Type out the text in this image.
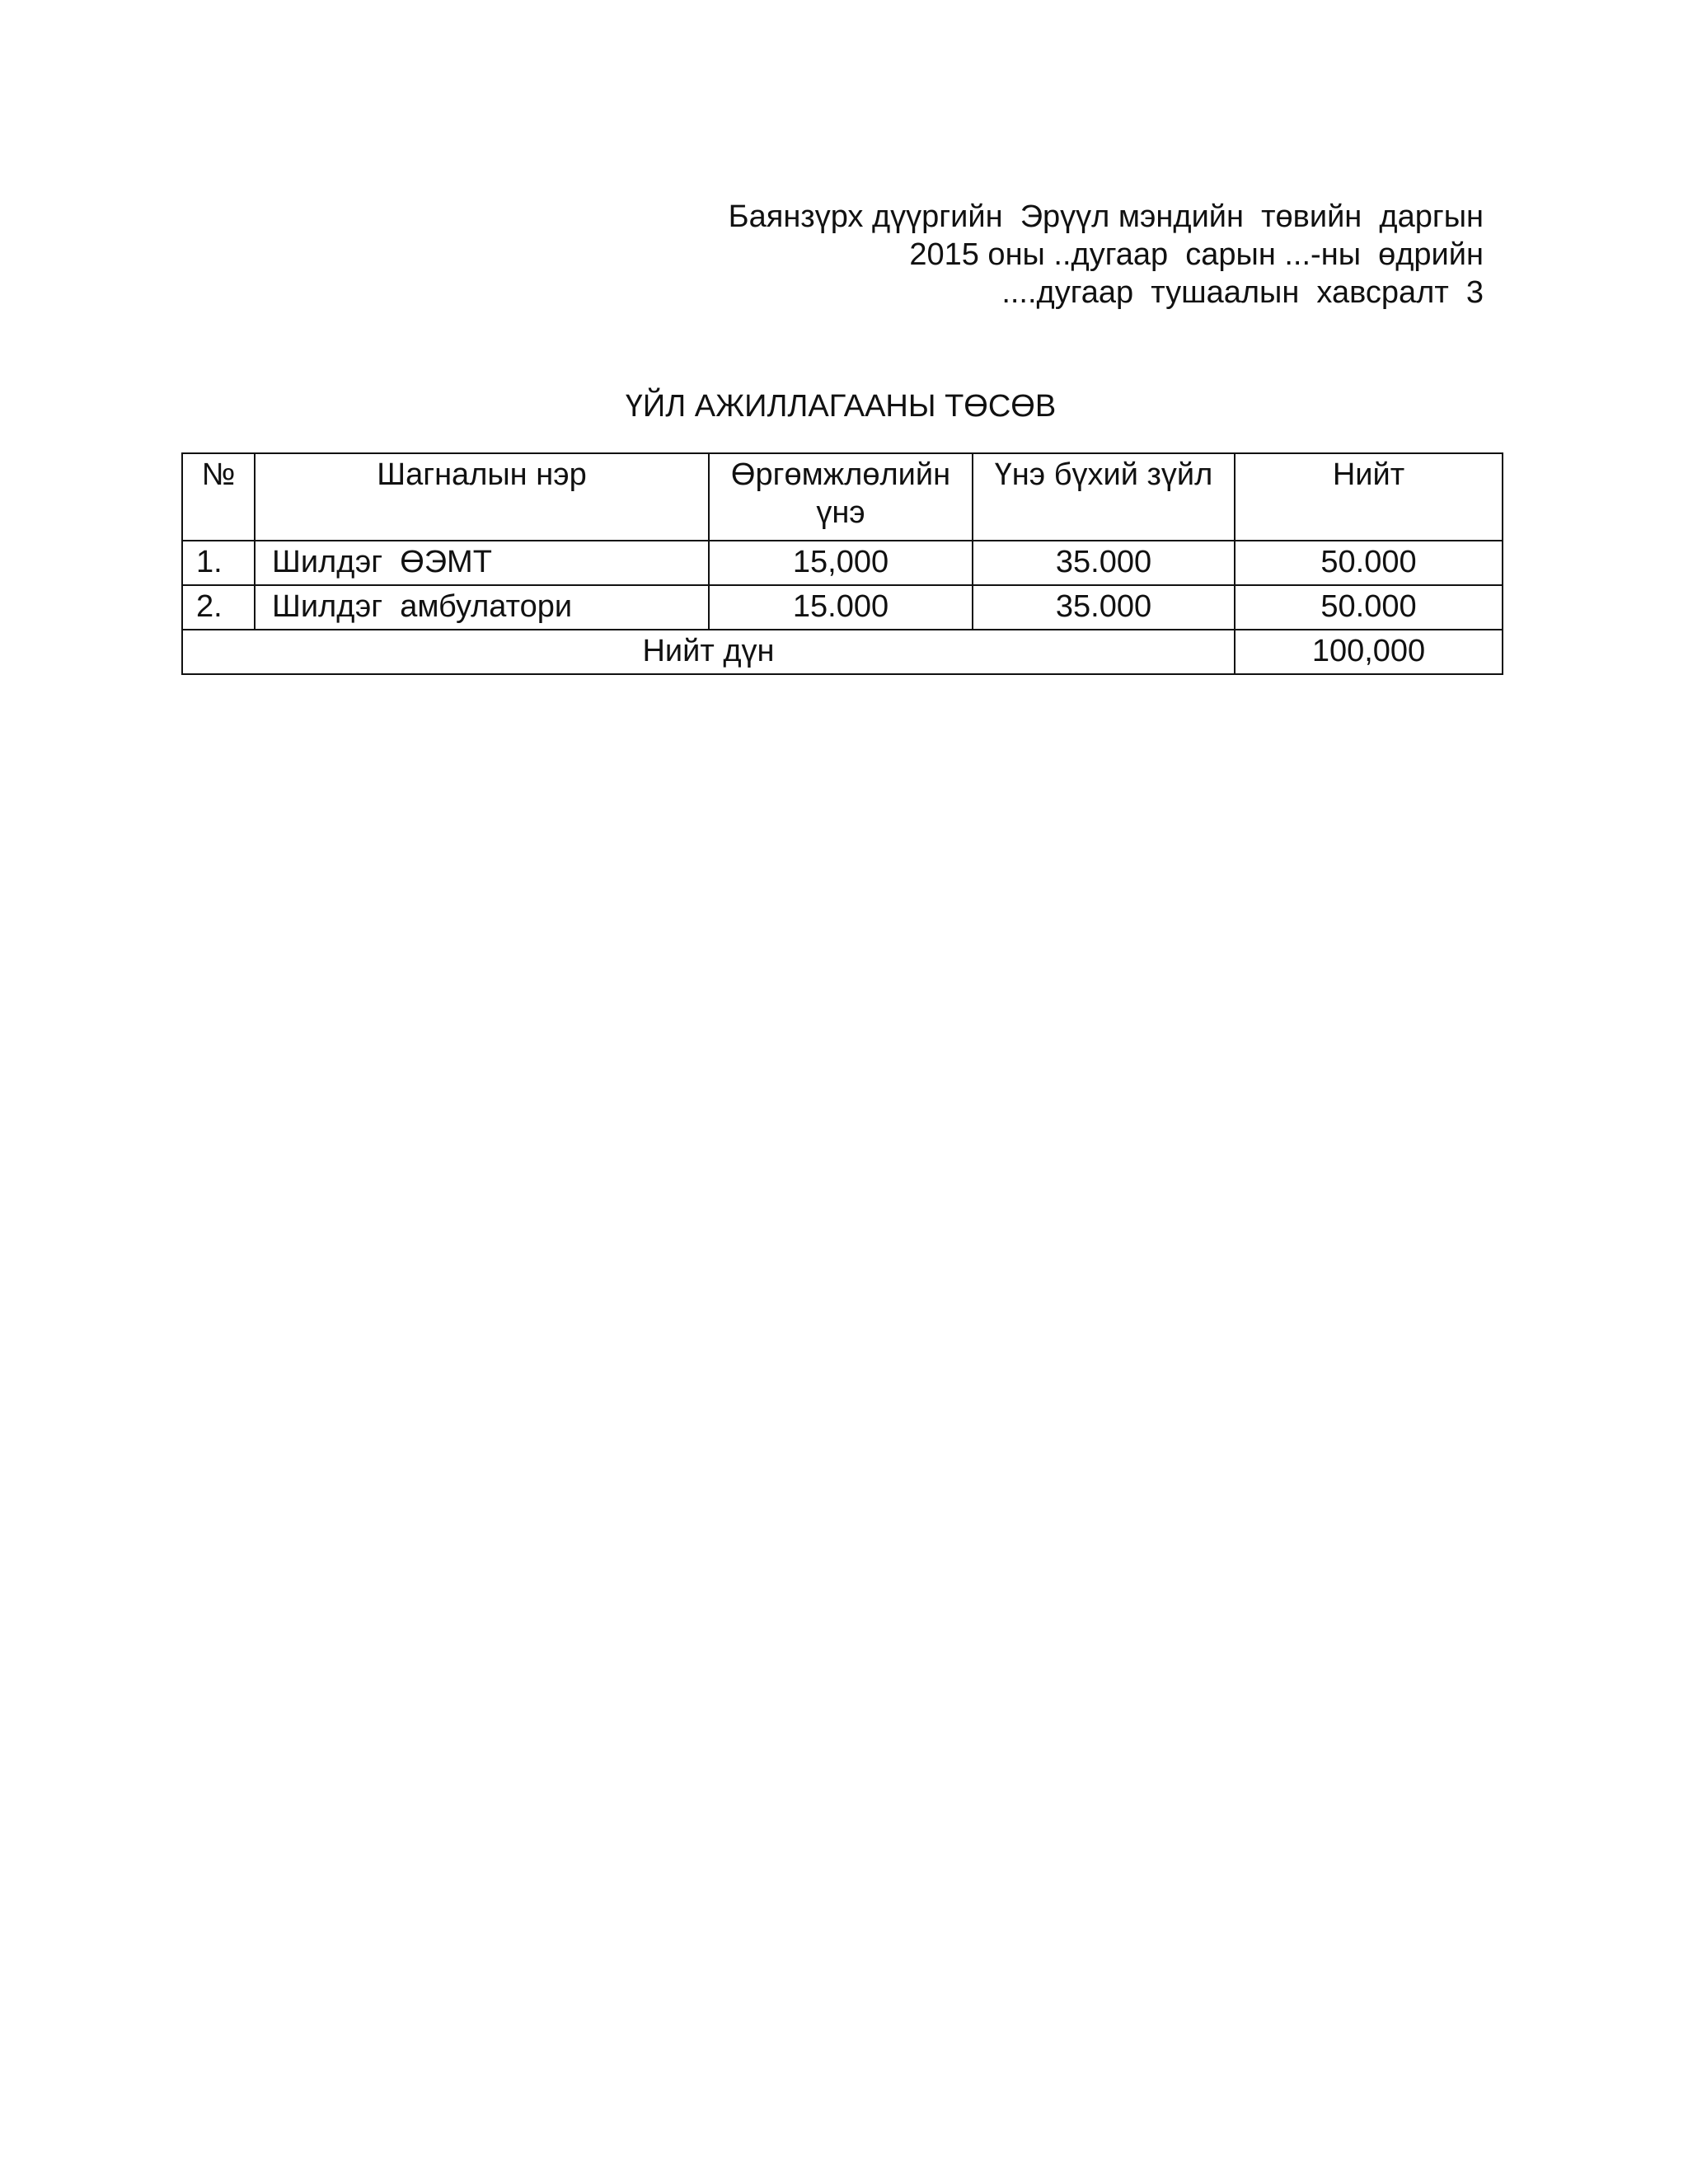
Баянзүрх дүүргийн  Эрүүл мэндийн  төвийн  даргын
2015 оны ..дугаар  сарын ...-ны  өдрийн
....дугаар  тушаалын  хавсралт  3
ҮЙЛ АЖИЛЛАГААНЫ ТӨСӨВ
№	Шагналын нэр	Өргөмжлөлийн үнэ	Үнэ бүхий зүйл	Нийт
1.	Шилдэг  ӨЭМТ	15,000	35.000	50.000
2.	Шилдэг  амбулатори	15.000	35.000	50.000
Нийт дүн				100,000
